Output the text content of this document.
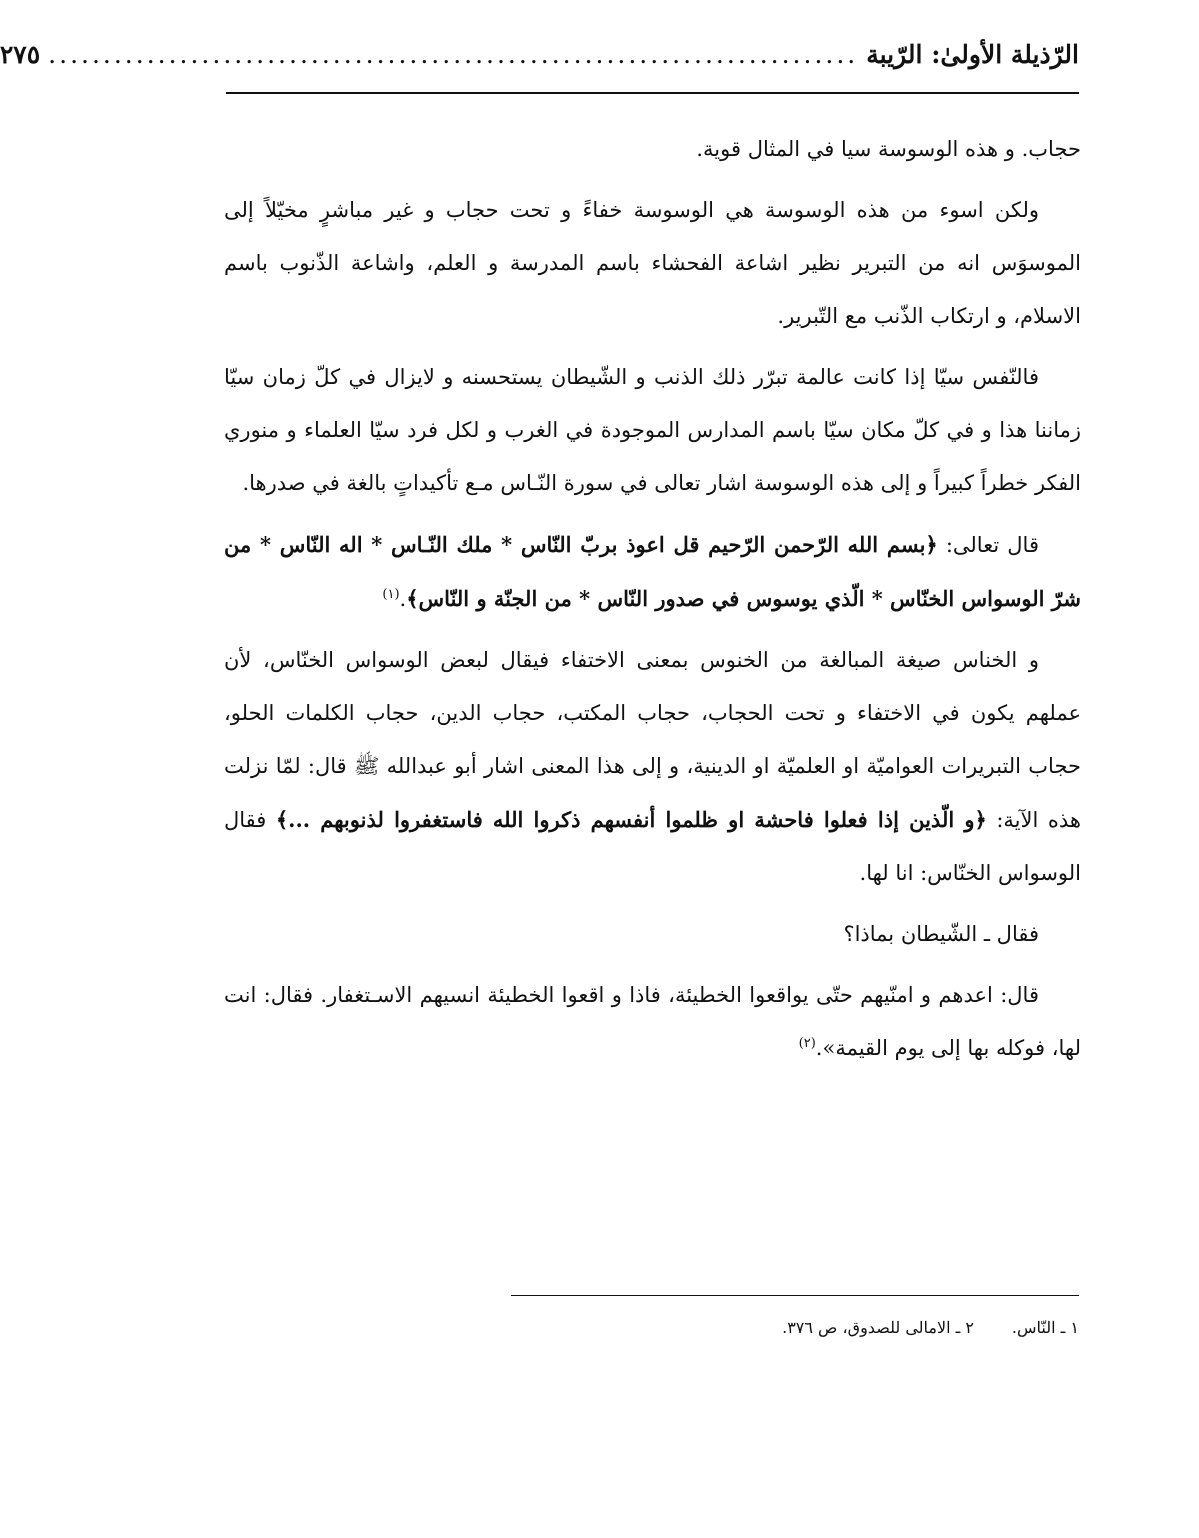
الرّذيلة الأولیٰ: الرّيبة
..........................................................................
٢٧٥

حجاب. و هذه الوسوسة سيا في المثال قوية.

ولكن اسوء من هذه الوسوسة هي الوسوسة خفاءً و تحت حجاب و غير مباشرٍ مخيّلاً إلى الموسوَس انه من التبرير نظير اشاعة الفحشاء باسم المدرسة و العلم، واشاعة الذّنوب باسم الاسلام، و ارتكاب الذّنب مع التّبرير.

فالنّفس سيّا إذا كانت عالمة تبرّر ذلك الذنب و الشّيطان يستحسنه و لايزال في كلّ زمان سيّا زماننا هذا و في كلّ مكان سيّا باسم المدارس الموجودة في الغرب و لكل فرد سيّا العلماء و منوري الفكر خطراً كبيراً و إلى هذه الوسوسة اشار تعالى في سورة النّـاس مـع تأكيداتٍ بالغة في صدرها.

قال تعالى: ﴿بسم الله الرّحمن الرّحيم قل اعوذ بربّ النّاس * ملك النّـاس * اله النّاس * من شرّ الوسواس الخنّاس * الّذي يوسوس في صدور النّاس * من الجنّة و النّاس﴾.$^{(١)}$

و الخناس صيغة المبالغة من الخنوس بمعنى الاختفاء فيقال لبعض الوسواس الخنّاس، لأن عملهم يكون في الاختفاء و تحت الحجاب، حجاب المكتب، حجاب الدين، حجاب الكلمات الحلو، حجاب التبريرات العواميّة او العلميّة او الدينية، و إلى هذا المعنى اشار أبو عبدالله ﷺ قال: لمّا نزلت هذه الآية: ﴿و الّذين إذا فعلوا فاحشة او ظلموا أنفسهم ذكروا الله فاستغفروا لذنوبهم ...﴾ فقال الوسواس الخنّاس: انا لها.

فقال ـ الشّيطان بماذا؟

قال: اعدهم و امنّيهم حتّى يواقعوا الخطيئة، فاذا و اقعوا الخطيئة انسيهم الاسـتغفار. فقال: انت لها، فوكله بها إلى يوم القيمة».$^{(٢)}$

١ ـ النّاس.
٢ ـ الامالى للصدوق، ص ٣٧٦.
